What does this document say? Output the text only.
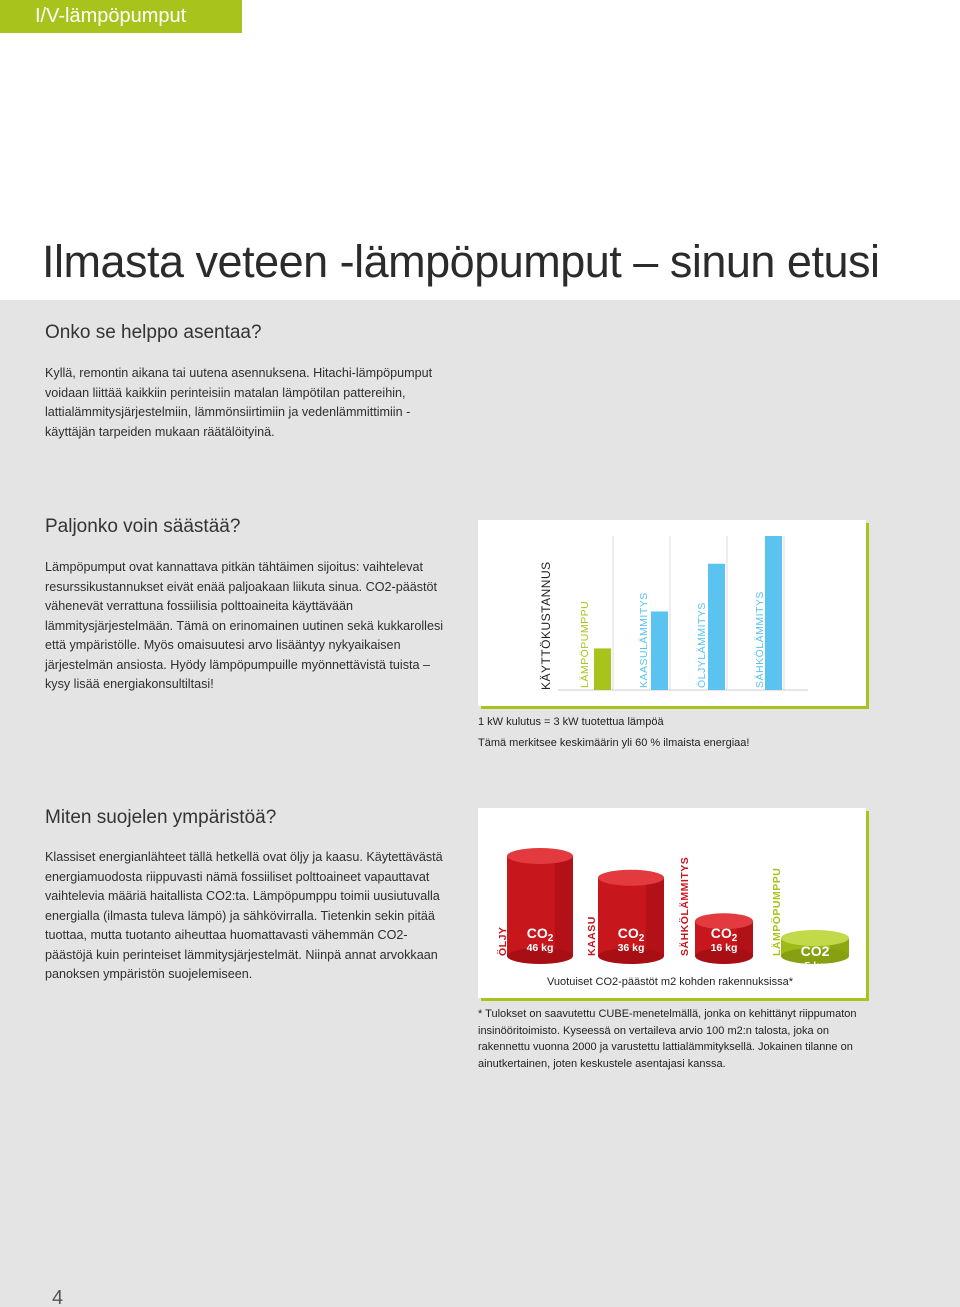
I/V-lämpöpumput
Ilmasta veteen -lämpöpumput – sinun etusi
Onko se helppo asentaa?
Kyllä, remontin aikana tai uutena asennuksena. Hitachi-lämpöpumput
voidaan liittää kaikkiin perinteisiin matalan lämpötilan pattereihin,
lattialämmitysjärjestelmiin, lämmönsiirtimiin ja vedenlämmittimiin -
käyttäjän tarpeiden mukaan räätälöityinä.
Paljonko voin säästää?
Lämpöpumput ovat kannattava pitkän tähtäimen sijoitus: vaihtelevat
resurssikustannukset eivät enää paljoakaan liikuta sinua. CO2-päästöt
vähenevät verrattuna fossiilisia polttoaineita käyttävään
lämmitysjärjestelmään. Tämä on erinomainen uutinen sekä kukkarollesi
että ympäristölle. Myös omaisuutesi arvo lisääntyy nykyaikaisen
järjestelmän ansiosta. Hyödy lämpöpumpuille myönnettävistä tuista –
kysy lisää energiakonsultiltasi!	KÄYTTÖKUSTANNUS LÄMPÖPUMPPU	KAASULÄMMITYS	ÖLJYLÄMMITYS	SÄHKÖLÄMMITYS
1 kW kulutus = 3 kW tuotettua lämpöä
Tämä merkitsee keskimäärin yli 60 % ilmaista energiaa!
Miten suojelen ympäristöä?
Klassiset energianlähteet tällä hetkellä ovat öljy ja kaasu. Käytettävästä
energiamuodosta riippuvasti nämä fossiiliset polttoaineet vapauttavat
vaihtelevia määriä haitallista CO2:ta. Lämpöpumppu toimii uusiutuvalla
energialla (ilmasta tuleva lämpö) ja sähkövirralla. Tietenkin sekin pitää
tuottaa, mutta tuotanto aiheuttaa huomattavasti vähemmän CO2-
päästöjä kuin perinteiset lämmitysjärjestelmät. Niinpä annat arvokkaan
panoksen ympäristön suojelemiseen.
ÖLJY $CO_2$
46 kg	KAASU $CO_2$
36 kg	SÄHKÖLÄMMITYS $CO_2$
16 kg	LÄMPÖPUMPPU CO2
5 kg
Vuotuiset CO2-päästöt m2 kohden rakennuksissa*
* Tulokset on saavutettu CUBE-menetelmällä, jonka on kehittänyt riippumaton
insinööritoimisto. Kyseessä on vertaileva arvio 100 m2:n talosta, joka on
rakennettu vuonna 2000 ja varustettu lattialämmityksellä. Jokainen tilanne on
ainutkertainen, joten keskustele asentajasi kanssa.
4
